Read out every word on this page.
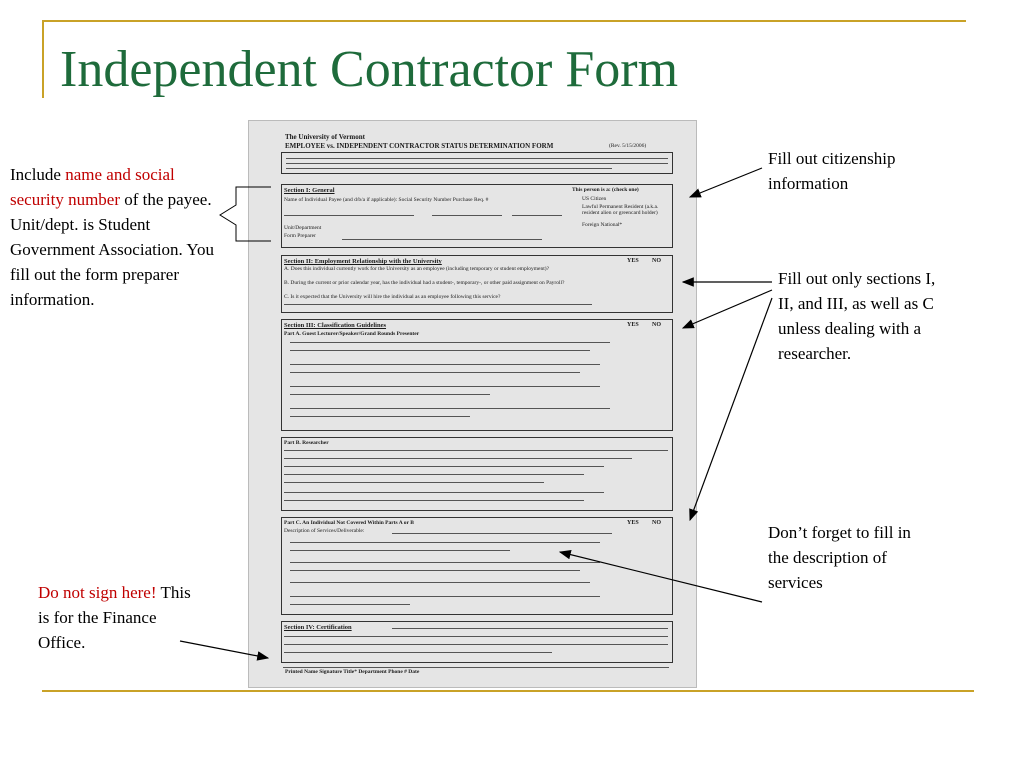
Independent Contractor Form
Include name and social security number of the payee. Unit/dept. is Student Government Association. You fill out the form preparer information.
Do not sign here! This is for the Finance Office.
Fill out citizenship information
Fill out only sections I, II, and III, as well as C unless dealing with a researcher.
Don’t forget to fill in the description of services
The University of Vermont
EMPLOYEE vs. INDEPENDENT CONTRACTOR STATUS DETERMINATION FORM	(Rev. 5/15/2006)
Section I: General
Name of Individual Payee (and d/b/a if applicable): Social Security Number Purchase Req. #
Unit/Department
Form Preparer
This person is a: (check one)
US Citizen
Lawful Permanent Resident (a.k.a. resident alien or greencard holder)
Foreign National*
Section II: Employment Relationship with the University	YES NO
A. Does this individual currently work for the University as an employee (including temporary or student employment)?
B. During the current or prior calendar year, has the individual had a student-, temporary-, or other paid assignment on Payroll?
C. Is it expected that the University will hire the individual as an employee following this service?
Section III: Classification Guidelines	YES NO
Part A. Guest Lecturer/Speaker/Grand Rounds Presenter
Part B. Researcher
Part C. An Individual Not Covered Within Parts A or B	YES NO
Description of Services/Deliverable:
Section IV: Certification
Printed Name Signature Title* Department Phone # Date
